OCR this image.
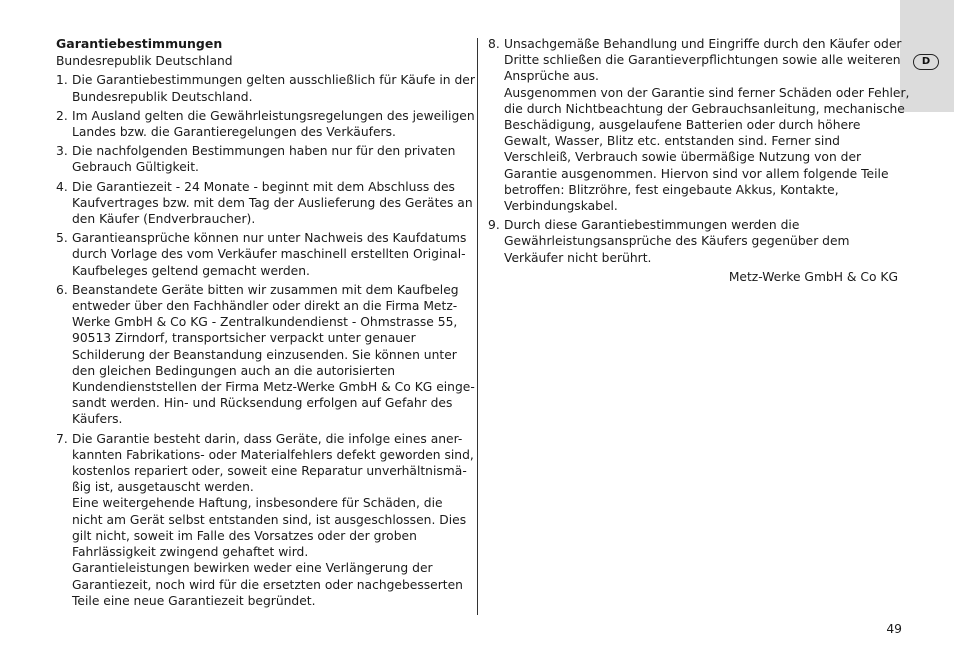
D

Garantiebestimmungen

Bundesrepublik Deutschland

1. Die Garantiebestimmungen gelten ausschließlich für Käufe in der
Bundesrepublik Deutschland.
2. Im Ausland gelten die Gewährleistungsregelungen des jeweiligen
Landes bzw. die Garantieregelungen des Verkäufers.
3. Die nachfolgenden Bestimmungen haben nur für den privaten
Gebrauch Gültigkeit.
4. Die Garantiezeit - 24 Monate - beginnt mit dem Abschluss des
Kaufvertrages bzw. mit dem Tag der Auslieferung des Gerätes an
den Käufer (Endverbraucher).
5. Garantieansprüche können nur unter Nachweis des Kaufdatums
durch Vorlage des vom Verkäufer maschinell erstellten Original-
Kaufbeleges geltend gemacht werden.
6. Beanstandete Geräte bitten wir zusammen mit dem Kaufbeleg
entweder über den Fachhändler oder direkt an die Firma Metz-
Werke GmbH & Co KG - Zentralkundendienst - Ohmstrasse 55,
90513 Zirndorf, transportsicher verpackt unter genauer
Schilderung der Beanstandung einzusenden. Sie können unter
den gleichen Bedingungen auch an die autorisierten
Kundendienststellen der Firma Metz-Werke GmbH & Co KG einge-
sandt werden. Hin- und Rücksendung erfolgen auf Gefahr des
Käufers.
7. Die Garantie besteht darin, dass Geräte, die infolge eines aner-
kannten Fabrikations- oder Materialfehlers defekt geworden sind,
kostenlos repariert oder, soweit eine Reparatur unverhältnismä-
ßig ist, ausgetauscht werden.
Eine weitergehende Haftung, insbesondere für Schäden, die
nicht am Gerät selbst entstanden sind, ist ausgeschlossen. Dies
gilt nicht, soweit im Falle des Vorsatzes oder der groben
Fahrlässigkeit zwingend gehaftet wird.
Garantieleistungen bewirken weder eine Verlängerung der
Garantiezeit, noch wird für die ersetzten oder nachgebesserten
Teile eine neue Garantiezeit begründet.
8. Unsachgemäße Behandlung und Eingriffe durch den Käufer oder
Dritte schließen die Garantieverpflichtungen sowie alle weiteren
Ansprüche aus.
Ausgenommen von der Garantie sind ferner Schäden oder Fehler,
die durch Nichtbeachtung der Gebrauchsanleitung, mechanische
Beschädigung, ausgelaufene Batterien oder durch höhere
Gewalt, Wasser, Blitz etc. entstanden sind. Ferner sind
Verschleiß, Verbrauch sowie übermäßige Nutzung von der
Garantie ausgenommen. Hiervon sind vor allem folgende Teile
betroffen: Blitzröhre, fest eingebaute Akkus, Kontakte,
Verbindungskabel.
9. Durch diese Garantiebestimmungen werden die
Gewährleistungsansprüche des Käufers gegenüber dem
Verkäufer nicht berührt.
Metz-Werke GmbH & Co KG
49
